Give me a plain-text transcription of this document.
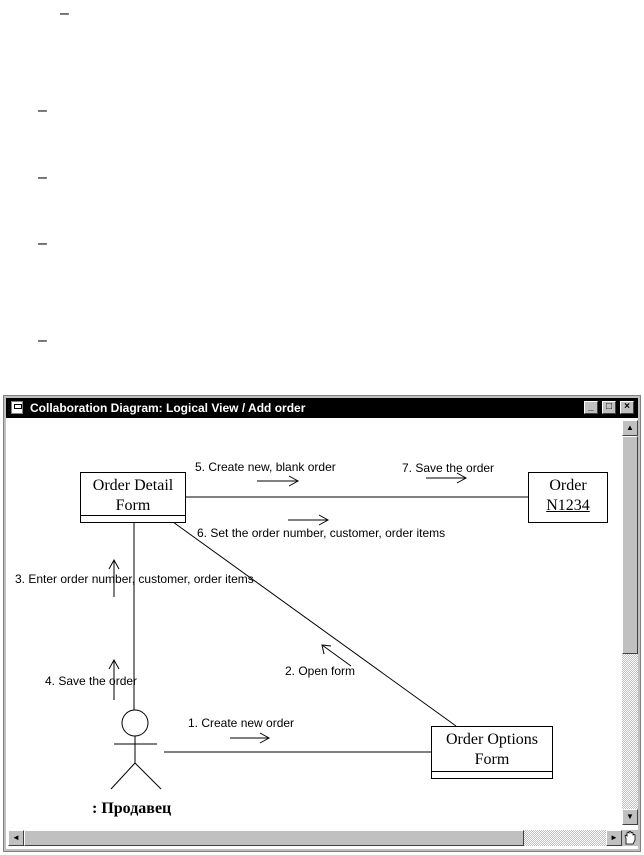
–
–
–
–
–
Collaboration Diagram: Logical View / Add order	_	□	×
Order Detail
Form
Order
N1234
Order Options
Form
: Продавец
1. Create new order
2. Open form
3. Enter order number, customer, order items
4. Save the order
5. Create new, blank order
6. Set the order number, customer, order items
7. Save the order
▲
▼
◄	►
